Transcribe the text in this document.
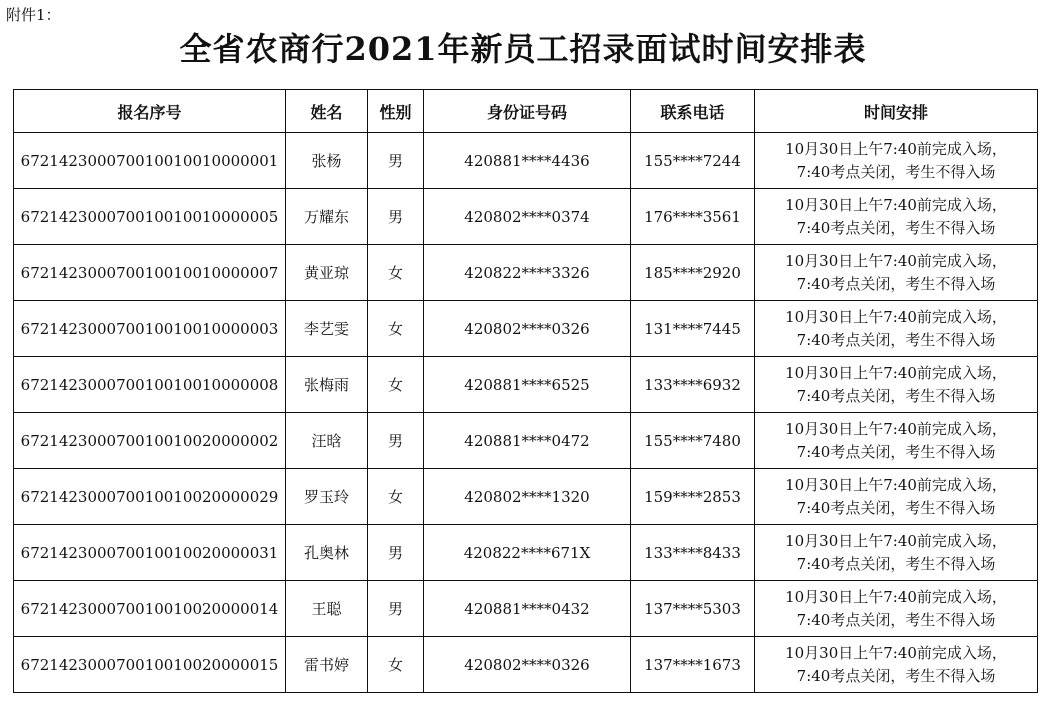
附件1：
全省农商行2021年新员工招录面试时间安排表
报名序号	姓名	性别	身份证号码	联系电话	时间安排
672142300070010010010000001	张杨	男	420881****4436	155****7244	10月30日上午7:40前完成入场，
7:40考点关闭，考生不得入场

672142300070010010010000005	万耀东	男	420802****0374	176****3561	10月30日上午7:40前完成入场，
7:40考点关闭，考生不得入场

672142300070010010010000007	黄亚琼	女	420822****3326	185****2920	10月30日上午7:40前完成入场，
7:40考点关闭，考生不得入场

672142300070010010010000003	李艺雯	女	420802****0326	131****7445	10月30日上午7:40前完成入场，
7:40考点关闭，考生不得入场

672142300070010010010000008	张梅雨	女	420881****6525	133****6932	10月30日上午7:40前完成入场，
7:40考点关闭，考生不得入场

672142300070010010020000002	汪晗	男	420881****0472	155****7480	10月30日上午7:40前完成入场，
7:40考点关闭，考生不得入场

672142300070010010020000029	罗玉玲	女	420802****1320	159****2853	10月30日上午7:40前完成入场，
7:40考点关闭，考生不得入场

672142300070010010020000031	孔奥林	男	420822****671X	133****8433	10月30日上午7:40前完成入场，
7:40考点关闭，考生不得入场

672142300070010010020000014	王聪	男	420881****0432	137****5303	10月30日上午7:40前完成入场，
7:40考点关闭，考生不得入场

672142300070010010020000015	雷书婷	女	420802****0326	137****1673	10月30日上午7:40前完成入场，
7:40考点关闭，考生不得入场
